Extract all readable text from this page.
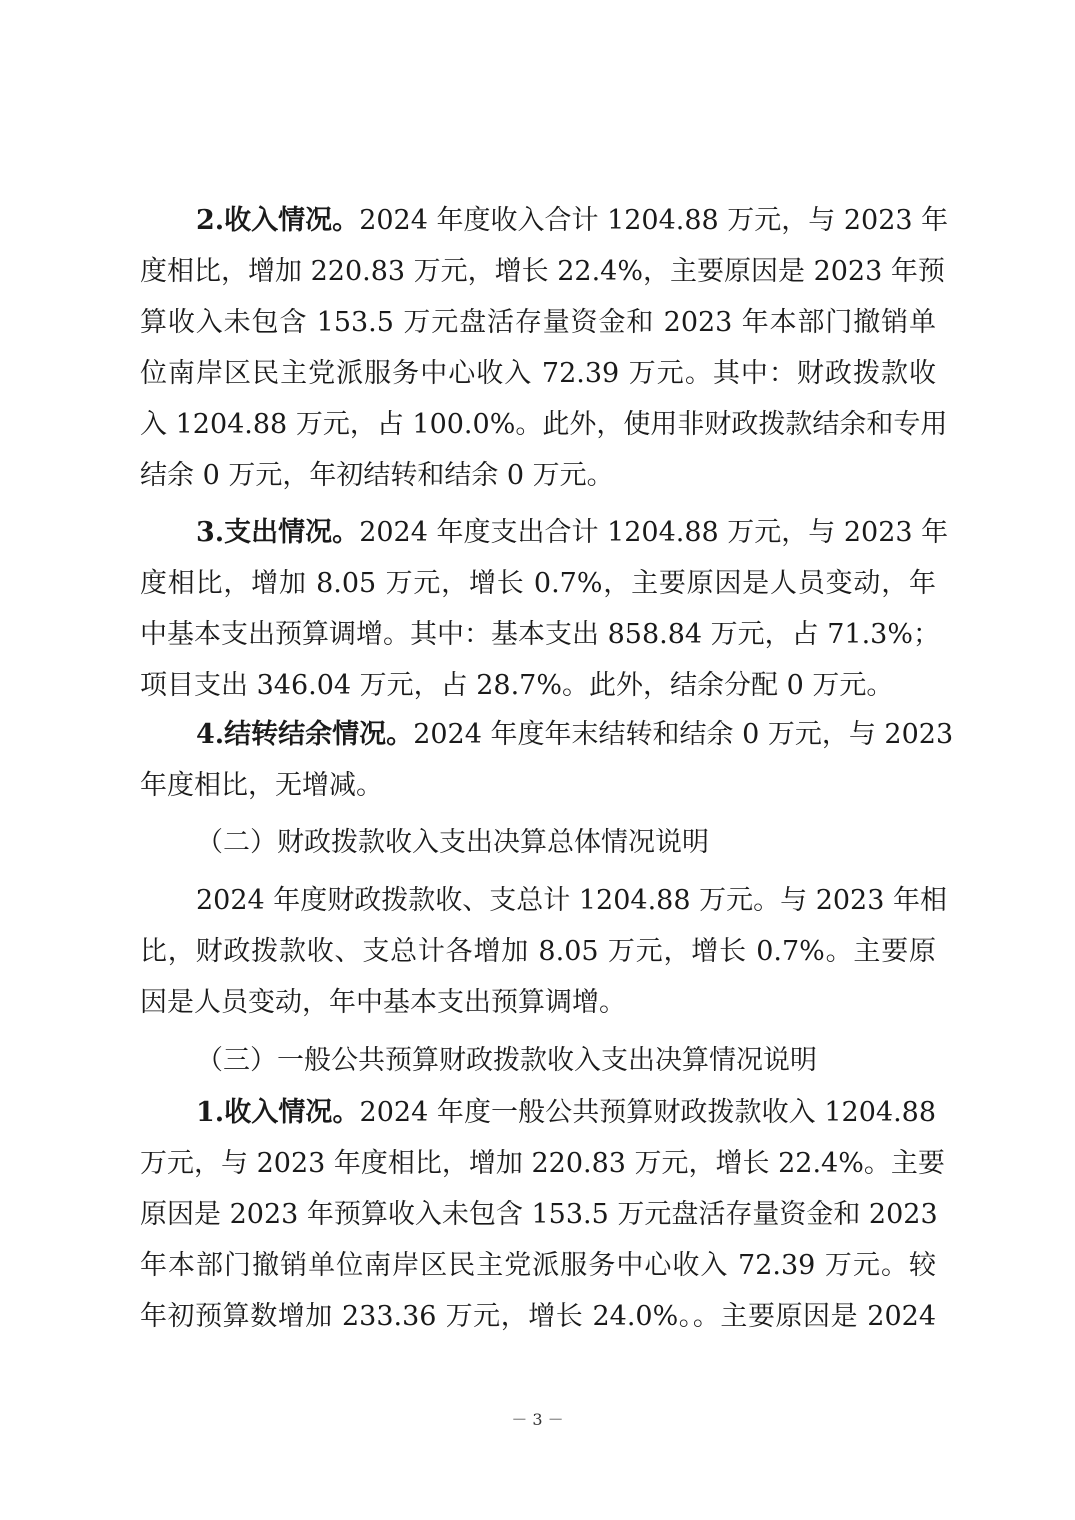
2.收入情况。2024 年度收入合计 1204.88 万元，与 2023 年
度相比，增加 220.83 万元，增长 22.4%，主要原因是 2023 年预
算收入未包含 153.5 万元盘活存量资金和 2023 年本部门撤销单
位南岸区民主党派服务中心收入 72.39 万元。其中：财政拨款收
入 1204.88 万元，占 100.0%。此外，使用非财政拨款结余和专用
结余 0 万元，年初结转和结余 0 万元。
3.支出情况。2024 年度支出合计 1204.88 万元，与 2023 年
度相比，增加 8.05 万元，增长 0.7%，主要原因是人员变动，年
中基本支出预算调增。其中：基本支出 858.84 万元，占 71.3%；
项目支出 346.04 万元，占 28.7%。此外，结余分配 0 万元。
4.结转结余情况。2024 年度年末结转和结余 0 万元，与 2023
年度相比，无增减。
（二）财政拨款收入支出决算总体情况说明
2024 年度财政拨款收、支总计 1204.88 万元。与 2023 年相
比，财政拨款收、支总计各增加 8.05 万元，增长 0.7%。主要原
因是人员变动，年中基本支出预算调增。
（三）一般公共预算财政拨款收入支出决算情况说明
1.收入情况。2024 年度一般公共预算财政拨款收入 1204.88
万元，与 2023 年度相比，增加 220.83 万元，增长 22.4%。主要
原因是 2023 年预算收入未包含 153.5 万元盘活存量资金和 2023
年本部门撤销单位南岸区民主党派服务中心收入 72.39 万元。较
年初预算数增加 233.36 万元，增长 24.0%。。主要原因是 2024
－ 3 －
